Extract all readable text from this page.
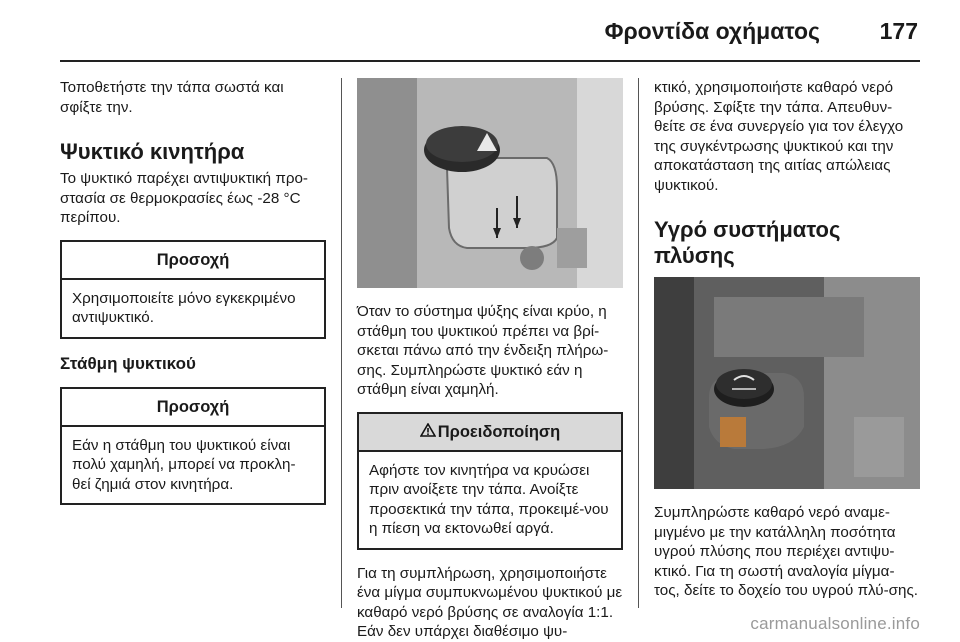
Φροντίδα οχήματος	177

Τοποθετήστε την τάπα σωστά και σφίξτε την.

Ψυκτικό κινητήρα

Το ψυκτικό παρέχει αντιψυκτική προ-στασία σε θερμοκρασίες έως -28 °C περίπου.

Προσοχή
Χρησιμοποιείτε μόνο εγκεκριμένο αντιψυκτικό.
Στάθμη ψυκτικού
Προσοχή
Εάν η στάθμη του ψυκτικού είναι πολύ χαμηλή, μπορεί να προκλη-θεί ζημιά στον κινητήρα.

Όταν το σύστημα ψύξης είναι κρύο, η στάθμη του ψυκτικού πρέπει να βρί-σκεται πάνω από την ένδειξη πλήρω-σης. Συμπληρώστε ψυκτικό εάν η στάθμη είναι χαμηλή.

Προειδοποίηση
Αφήστε τον κινητήρα να κρυώσει πριν ανοίξετε την τάπα. Ανοίξτε προσεκτικά την τάπα, προκειμέ-νου η πίεση να εκτονωθεί αργά.

Για τη συμπλήρωση, χρησιμοποιήστε ένα μίγμα συμπυκνωμένου ψυκτικού με καθαρό νερό βρύσης σε αναλογία 1:1. Εάν δεν υπάρχει διαθέσιμο ψυ-

κτικό, χρησιμοποιήστε καθαρό νερό βρύσης. Σφίξτε την τάπα. Απευθυν-θείτε σε ένα συνεργείο για τον έλεγχο της συγκέντρωσης ψυκτικού και την αποκατάσταση της αιτίας απώλειας ψυκτικού.

Υγρό συστήματος πλύσης

Συμπληρώστε καθαρό νερό αναμε-μιγμένο με την κατάλληλη ποσότητα υγρού πλύσης που περιέχει αντιψυ-κτικό. Για τη σωστή αναλογία μίγμα-τος, δείτε το δοχείο του υγρού πλύ-σης.

carmanualsonline.info
